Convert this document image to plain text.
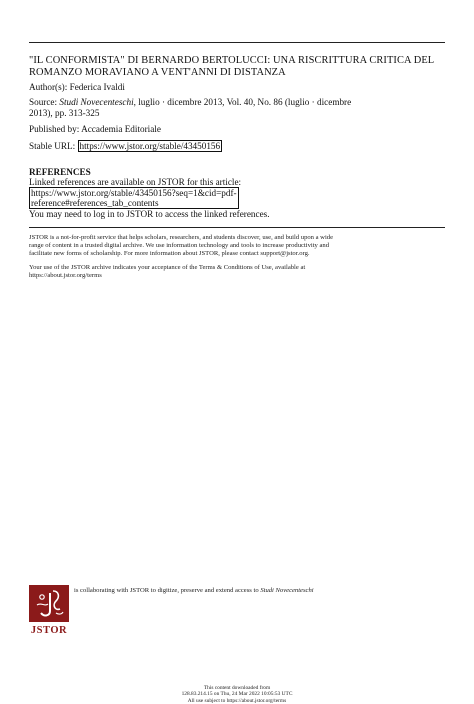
"IL CONFORMISTA" DI BERNARDO BERTOLUCCI: UNA RISCRITTURA CRITICA DEL
ROMANZO MORAVIANO A VENT'ANNI DI DISTANZA
Author(s): Federica Ivaldi
Source: Studi Novecenteschi, luglio · dicembre 2013, Vol. 40, No. 86 (luglio · dicembre
2013), pp. 313-325
Published by: Accademia Editoriale
Stable URL: https://www.jstor.org/stable/43450156
REFERENCES
Linked references are available on JSTOR for this article:
https://www.jstor.org/stable/43450156?seq=1&cid=pdf-
reference#references_tab_contents
You may need to log in to JSTOR to access the linked references.
JSTOR is a not-for-profit service that helps scholars, researchers, and students discover, use, and build upon a wide
range of content in a trusted digital archive. We use information technology and tools to increase productivity and
facilitate new forms of scholarship. For more information about JSTOR, please contact support@jstor.org.
Your use of the JSTOR archive indicates your acceptance of the Terms & Conditions of Use, available at
https://about.jstor.org/terms
JSTOR
is collaborating with JSTOR to digitize, preserve and extend access to Studi Novecenteschi
This content downloaded from
128.83.214.15 on Thu, 24 Mar 2022 10:05:53 UTC
All use subject to https://about.jstor.org/terms
